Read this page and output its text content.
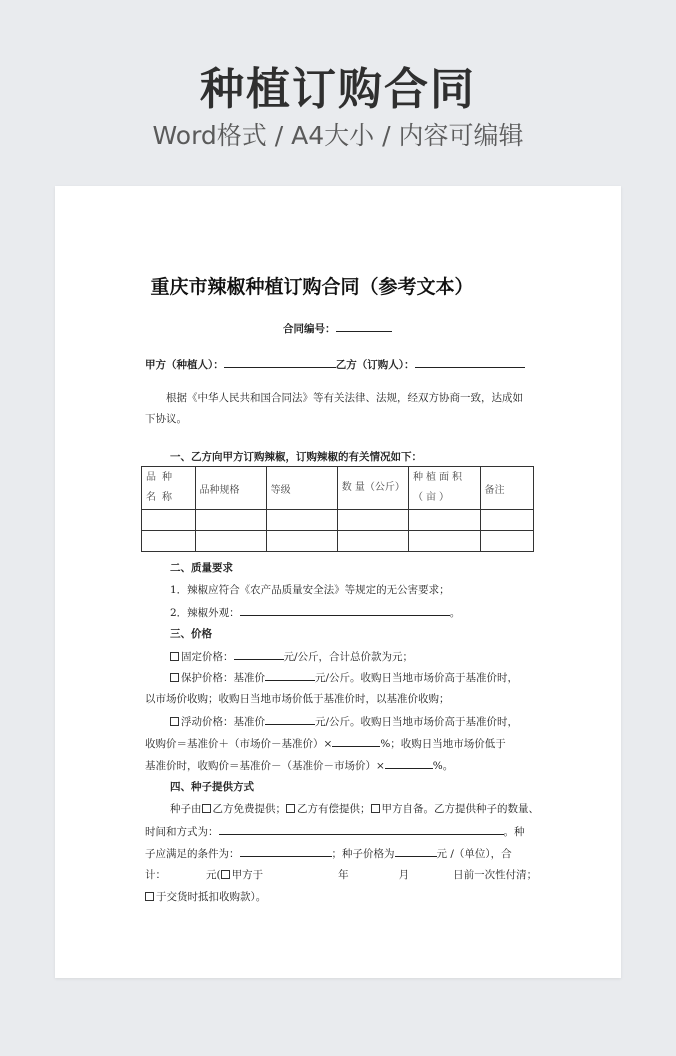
种植订购合同
Word格式 / A4大小 / 内容可编辑
重庆市辣椒种植订购合同（参考文本）
合同编号：
甲方（种植人）：	乙方（订购人）：
根据《中华人民共和国合同法》等有关法律、法规，经双方协商一致，达成如下协议。
一、乙方向甲方订购辣椒，订购辣椒的有关情况如下：
品种名称	品种规格	等级	数 量（公斤）	种植面积（亩）	备注

二、质量要求
1．辣椒应符合《农产品质量安全法》等规定的无公害要求；
2．辣椒外观：	。
三、价格
固定价格：	元/公斤，合计总价款为元；
保护价格：基准价	元/公斤。收购日当地市场价高于基准价时，
以市场价收购；收购日当地市场价低于基准价时，以基准价收购；
浮动价格：基准价	元/公斤。收购日当地市场价高于基准价时，
收购价＝基准价＋（市场价－基准价）×	%；收购日当地市场价低于
基准价时，收购价＝基准价－（基准价－市场价）×	%。
四、种子提供方式
种子由 乙方免费提供； 乙方有偿提供； 甲方自备。乙方提供种子的数量、
时间和方式为：	。种
子应满足的条件为：	；种子价格为	元 /（单位），合
计：	元( 甲方于	年	月	日前一次性付清；
于交货时抵扣收购款）。
